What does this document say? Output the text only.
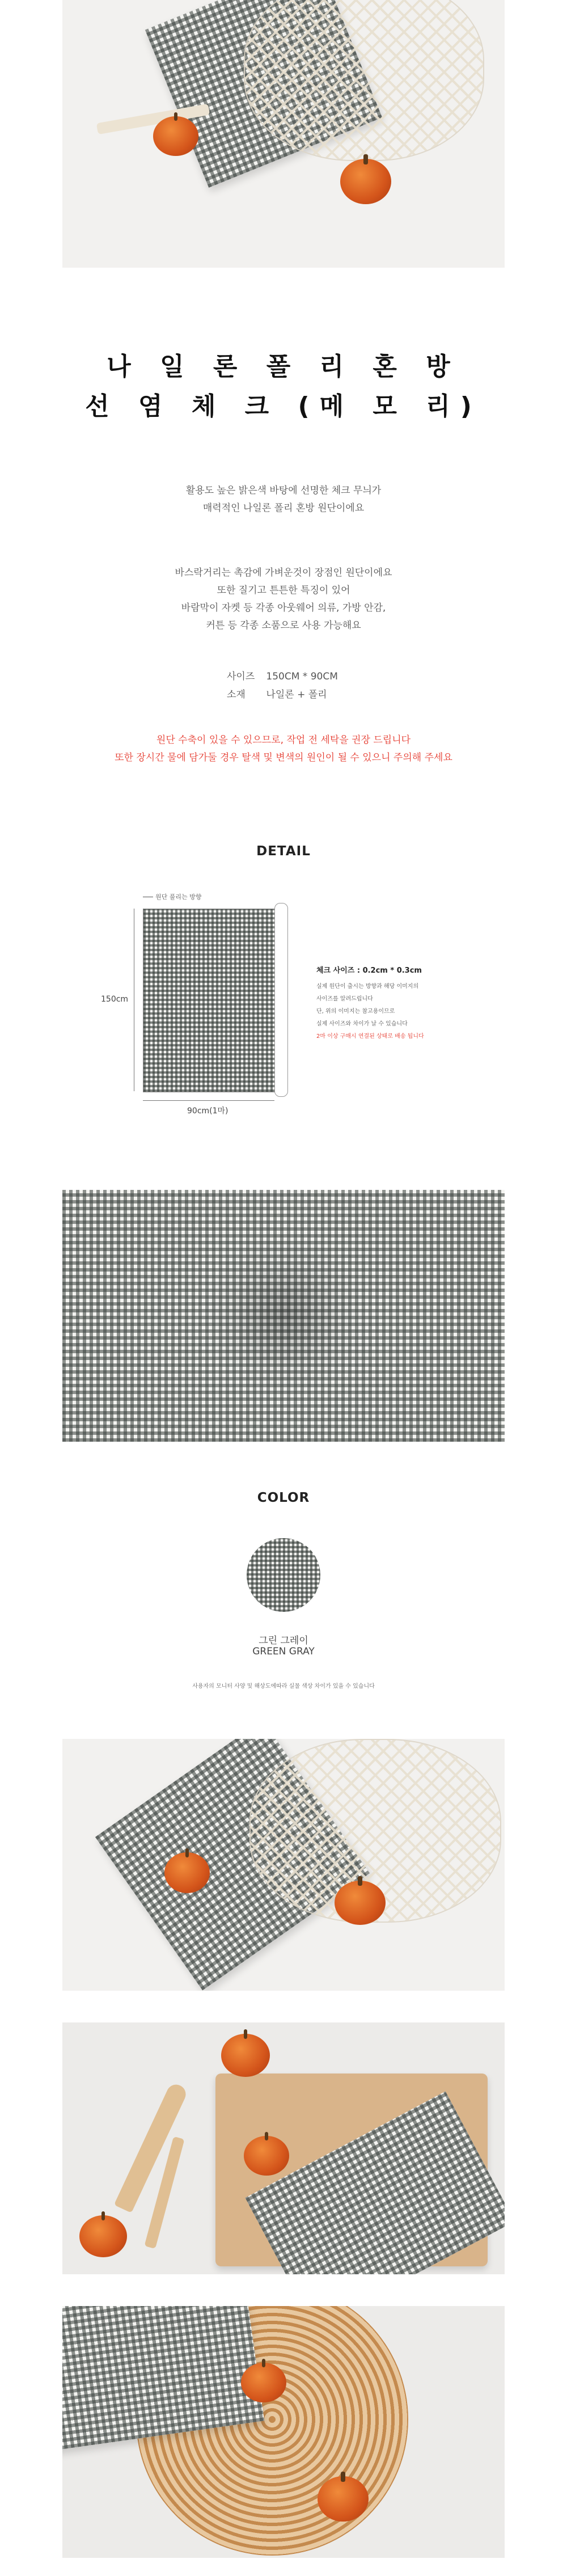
나 일 론 폴 리 혼 방
선 염 체 크 (메 모 리)
활용도 높은 밝은색 바탕에 선명한 체크 무늬가
매력적인 나일론 폴리 혼방 원단이에요
바스락거리는 촉감에 가벼운것이 장점인 원단이에요
또한 질기고 튼튼한 특징이 있어
바람막이 자켓 등 각종 아웃웨어 의류, 가방 안감,
커튼 등 각종 소품으로 사용 가능해요
사이즈 150CM * 90CM
소재 나일론 + 폴리
원단 수축이 있을 수 있으므로, 작업 전 세탁을 권장 드립니다
또한 장시간 물에 담가둘 경우 탈색 및 변색의 원인이 될 수 있으니 주의해 주세요
DETAIL
원단 풀리는 방향
150cm
90cm(1마)
체크 사이즈 : 0.2cm * 0.3cm
실제 원단이 출시는 방향과 해당 이미지의
사이즈를 알려드립니다
단, 위의 이미지는 참고용이므로
실제 사이즈와 차이가 날 수 있습니다
2마 이상 구매시 연결된 상태로 배송 됩니다
COLOR
그린 그레이
GREEN GRAY
사용자의 모니터 사양 및 해상도에따라 실물 색상 차이가 있을 수 있습니다
